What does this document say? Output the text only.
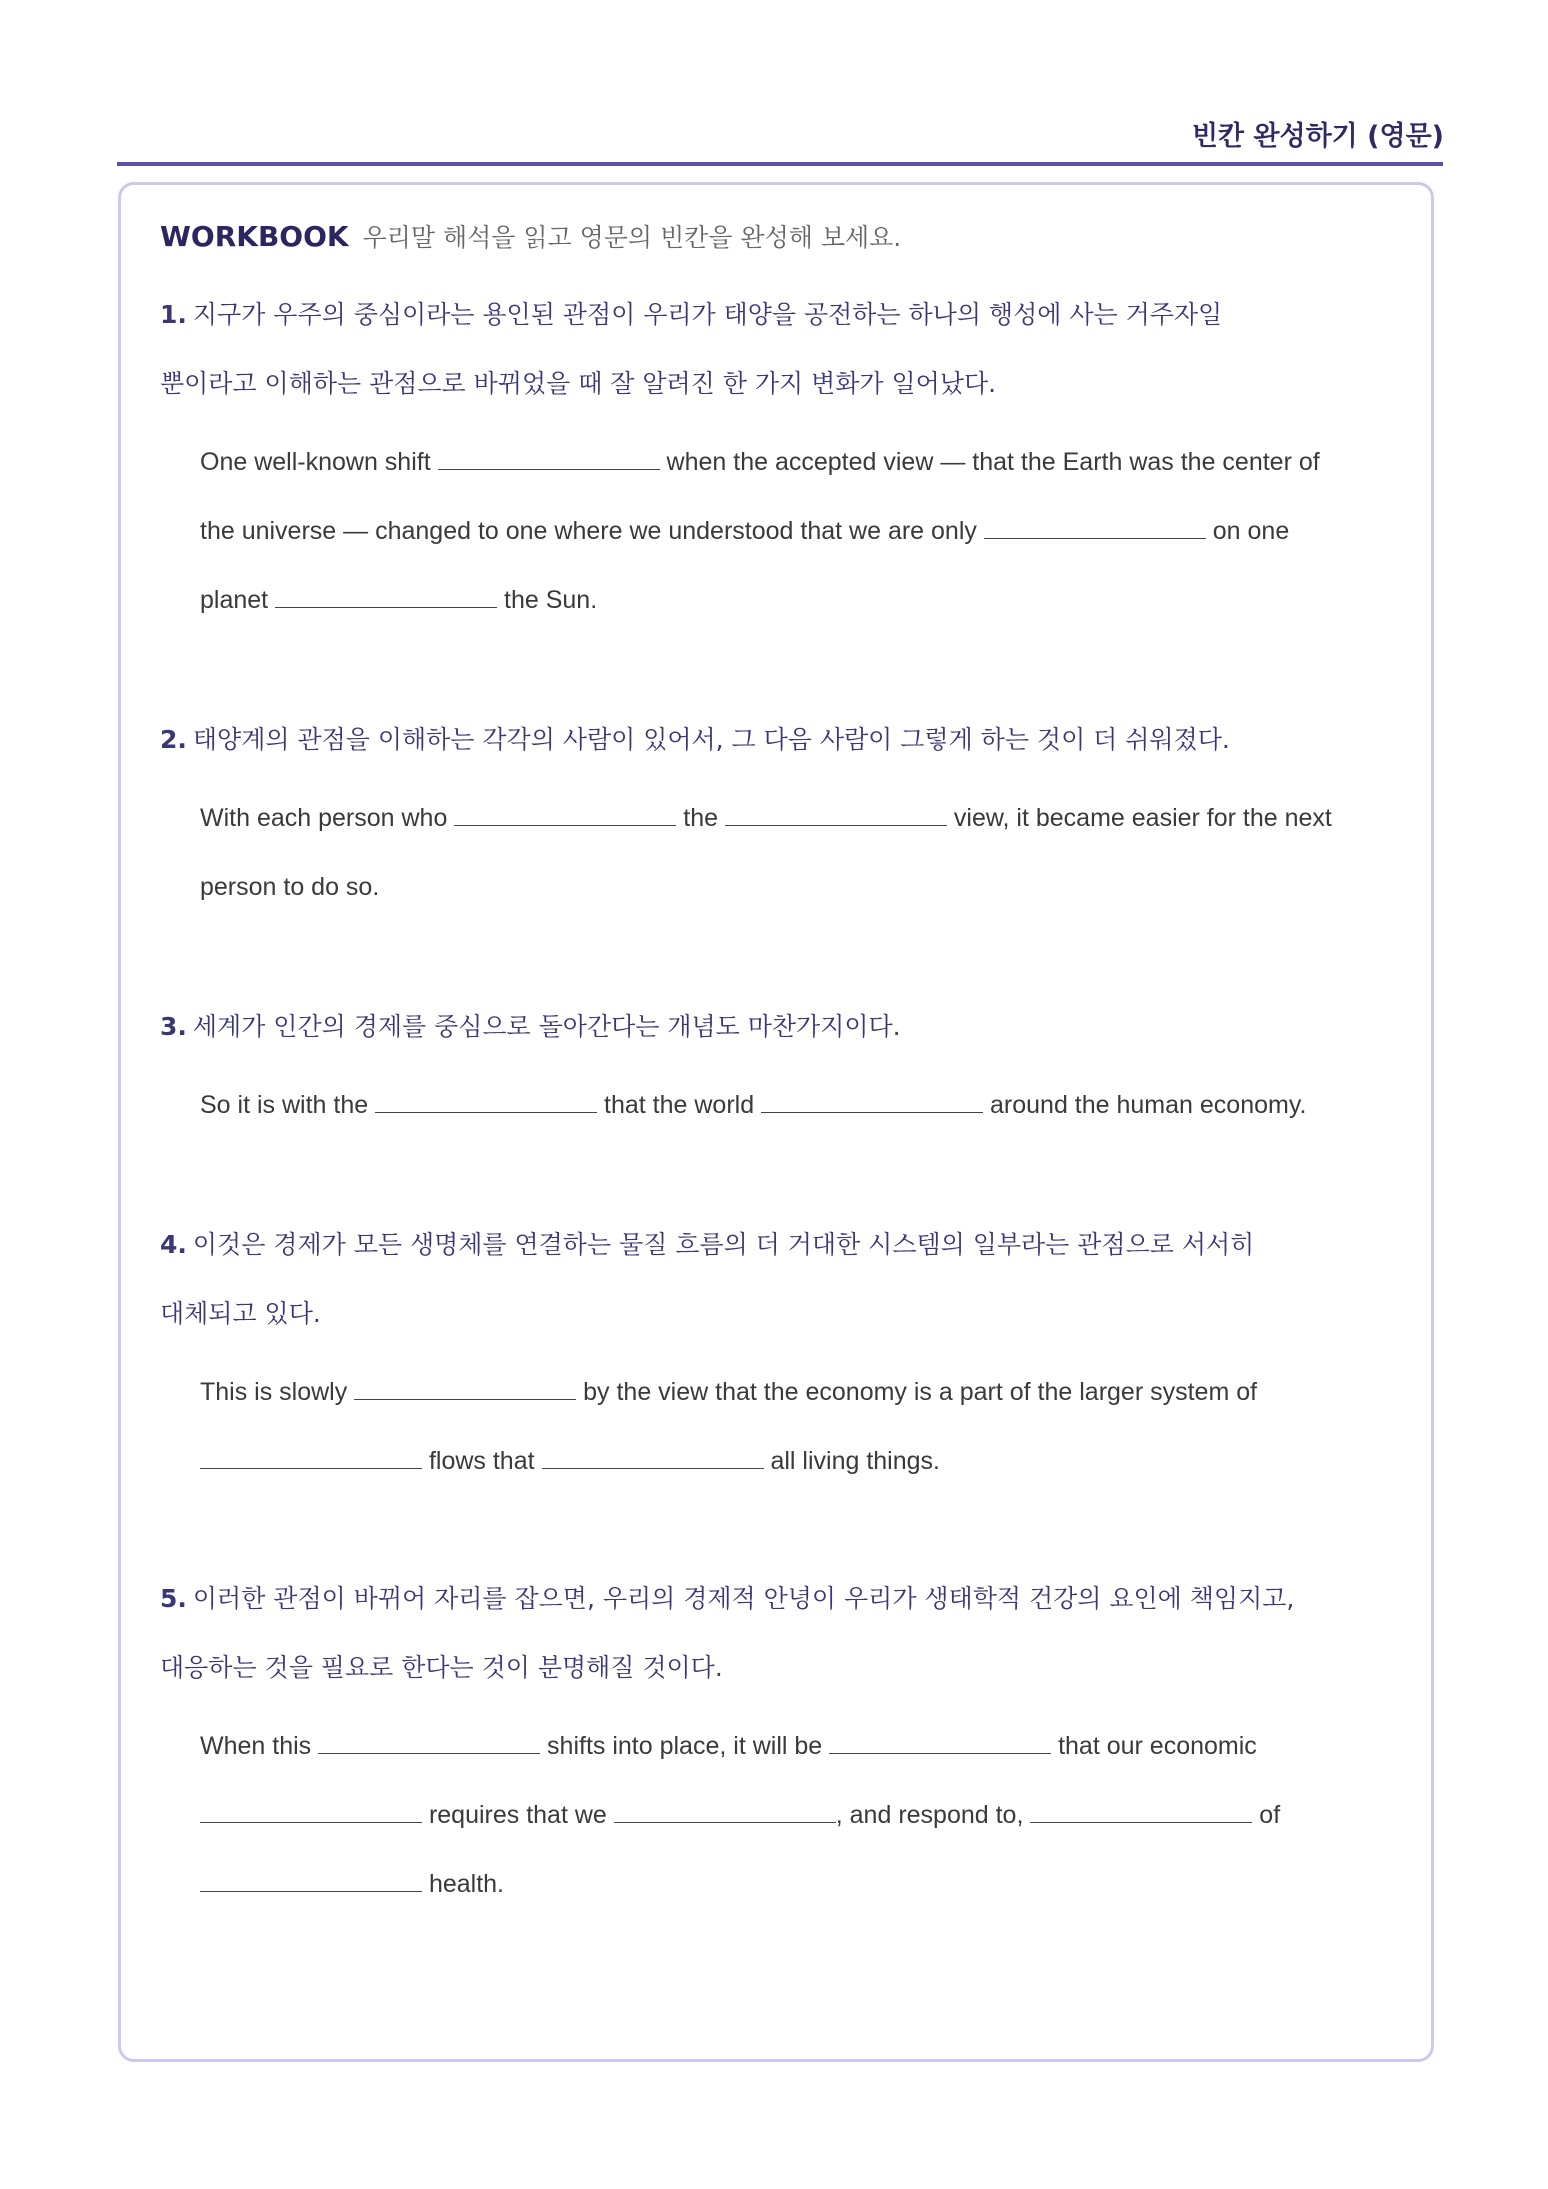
빈칸 완성하기 (영문)
WORKBOOK 우리말 해석을 읽고 영문의 빈칸을 완성해 보세요.
1. 지구가 우주의 중심이라는 용인된 관점이 우리가 태양을 공전하는 하나의 행성에 사는 거주자일
뿐이라고 이해하는 관점으로 바뀌었을 때 잘 알려진 한 가지 변화가 일어났다.
One well-known shift	when the accepted view — that the Earth was the center of
the universe — changed to one where we understood that we are only	on one
planet	the Sun.
2. 태양계의 관점을 이해하는 각각의 사람이 있어서, 그 다음 사람이 그렇게 하는 것이 더 쉬워졌다.
With each person who	the	view, it became easier for the next
person to do so.
3. 세계가 인간의 경제를 중심으로 돌아간다는 개념도 마찬가지이다.
So it is with the	that the world	around the human economy.
4. 이것은 경제가 모든 생명체를 연결하는 물질 흐름의 더 거대한 시스템의 일부라는 관점으로 서서히
대체되고 있다.
This is slowly	by the view that the economy is a part of the larger system of
flows that	all living things.
5. 이러한 관점이 바뀌어 자리를 잡으면, 우리의 경제적 안녕이 우리가 생태학적 건강의 요인에 책임지고,
대응하는 것을 필요로 한다는 것이 분명해질 것이다.
When this	shifts into place, it will be	that our economic
requires that we	, and respond to,	of
health.
